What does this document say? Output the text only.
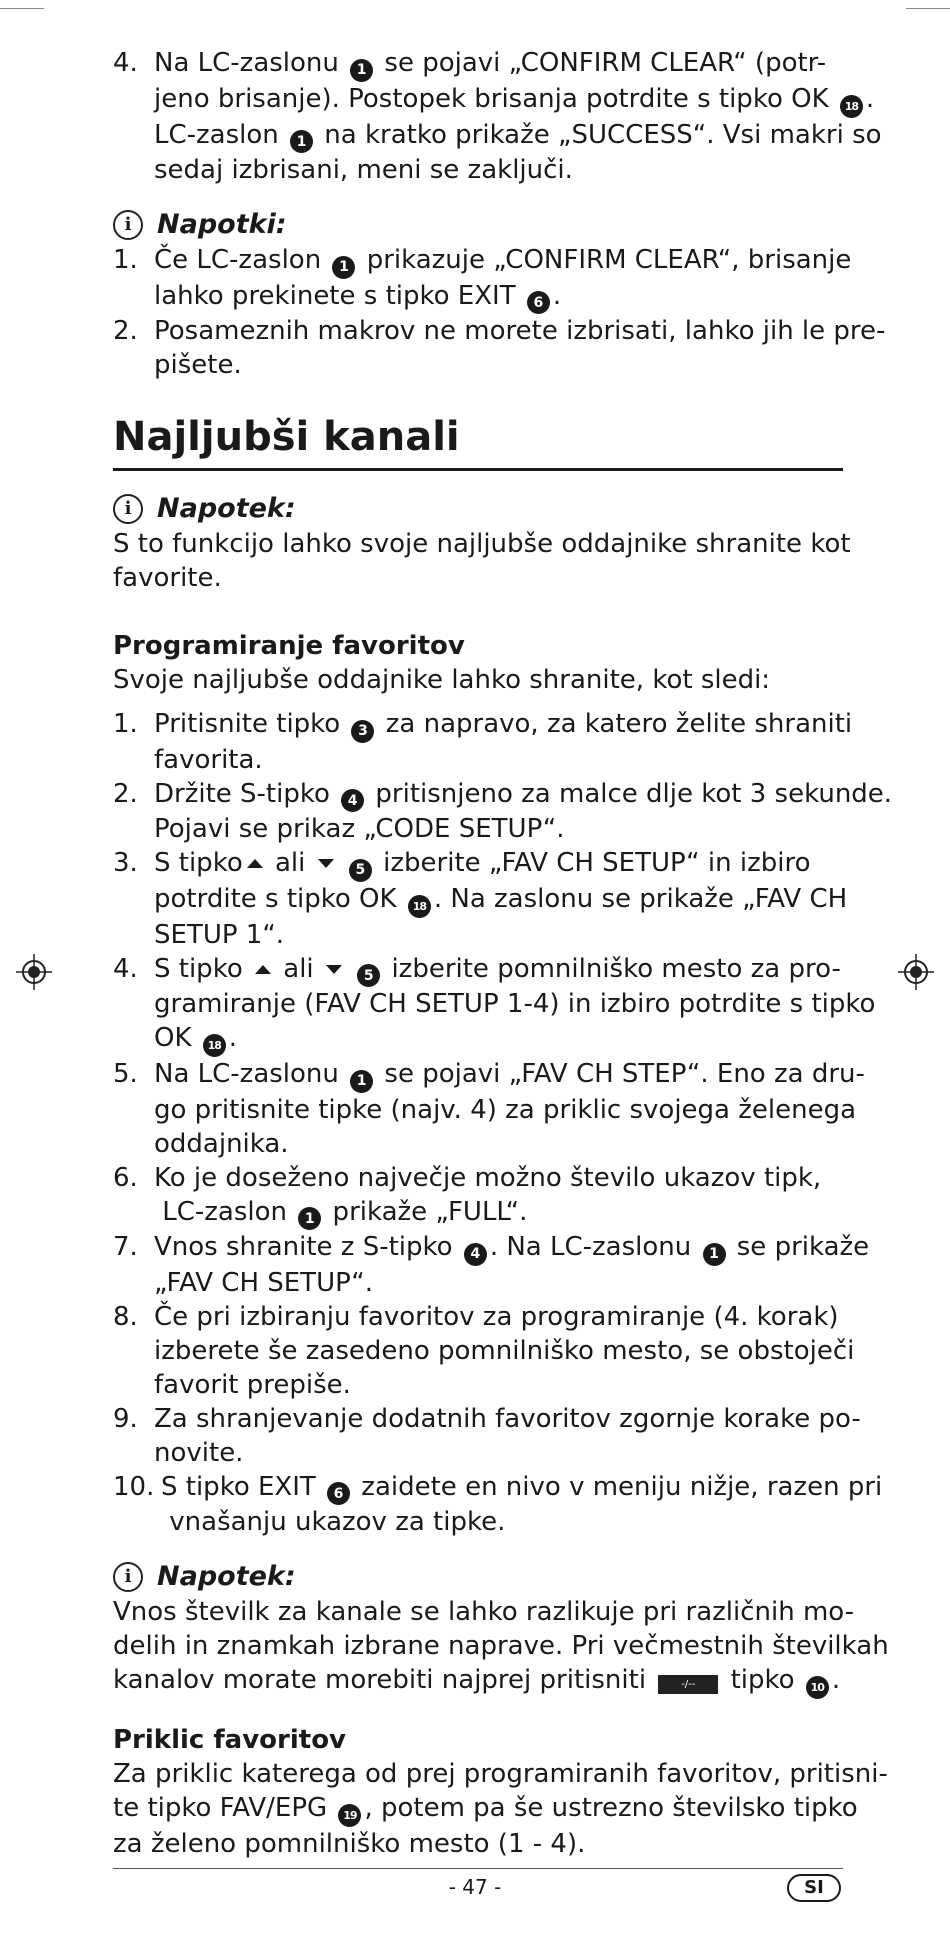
4. Na LC-zaslonu 1 se pojavi „CONFIRM CLEAR“ (potr-
jeno brisanje). Postopek brisanja potrdite s tipko OK 18 .
LC-zaslon 1 na kratko prikaže „SUCCESS“. Vsi makri so
sedaj izbrisani, meni se zaključi.
i Napotki:
1. Če LC-zaslon 1 prikazuje „CONFIRM CLEAR“, brisanje
lahko prekinete s tipko EXIT 6 .
2. Posameznih makrov ne morete izbrisati, lahko jih le pre-
pišete.
Najljubši kanali
i Napotek:
S to funkcijo lahko svoje najljubše oddajnike shranite kot
favorite.
Programiranje favoritov
Svoje najljubše oddajnike lahko shranite, kot sledi:
1. Pritisnite tipko 3 za napravo, za katero želite shraniti
favorita.
2. Držite S-tipko 4 pritisnjeno za malce dlje kot 3 sekunde.
Pojavi se prikaz „CODE SETUP“.
3. S tipko ali	5 izberite „FAV CH SETUP“ in izbiro
potrdite s tipko OK 18 . Na zaslonu se prikaže „FAV CH
SETUP 1“.
4. S tipko  ali	5 izberite pomnilniško mesto za pro-
gramiranje (FAV CH SETUP 1-4) in izbiro potrdite s tipko
OK 18 .
5. Na LC-zaslonu 1 se pojavi „FAV CH STEP“. Eno za dru-
go pritisnite tipke (najv. 4) za priklic svojega želenega
oddajnika.
6. Ko je doseženo največje možno število ukazov tipk,
LC-zaslon 1 prikaže „FULL“.
7. Vnos shranite z S-tipko 4 . Na LC-zaslonu 1 se prikaže
„FAV CH SETUP“.
8. Če pri izbiranju favoritov za programiranje (4. korak)
izberete še zasedeno pomnilniško mesto, se obstoječi
favorit prepiše.
9. Za shranjevanje dodatnih favoritov zgornje korake po-
novite.
10. S tipko EXIT 6 zaidete en nivo v meniju nižje, razen pri
vnašanju ukazov za tipke.
i Napotek:
Vnos številk za kanale se lahko razlikuje pri različnih mo-
delih in znamkah izbrane naprave. Pri večmestnih številkah
kanalov morate morebiti najprej pritisniti	-/-- tipko 10 .
Priklic favoritov
Za priklic katerega od prej programiranih favoritov, pritisni-
te tipko FAV/EPG 19 , potem pa še ustrezno številsko tipko
za želeno pomnilniško mesto (1 - 4).
- 47 -	SI
